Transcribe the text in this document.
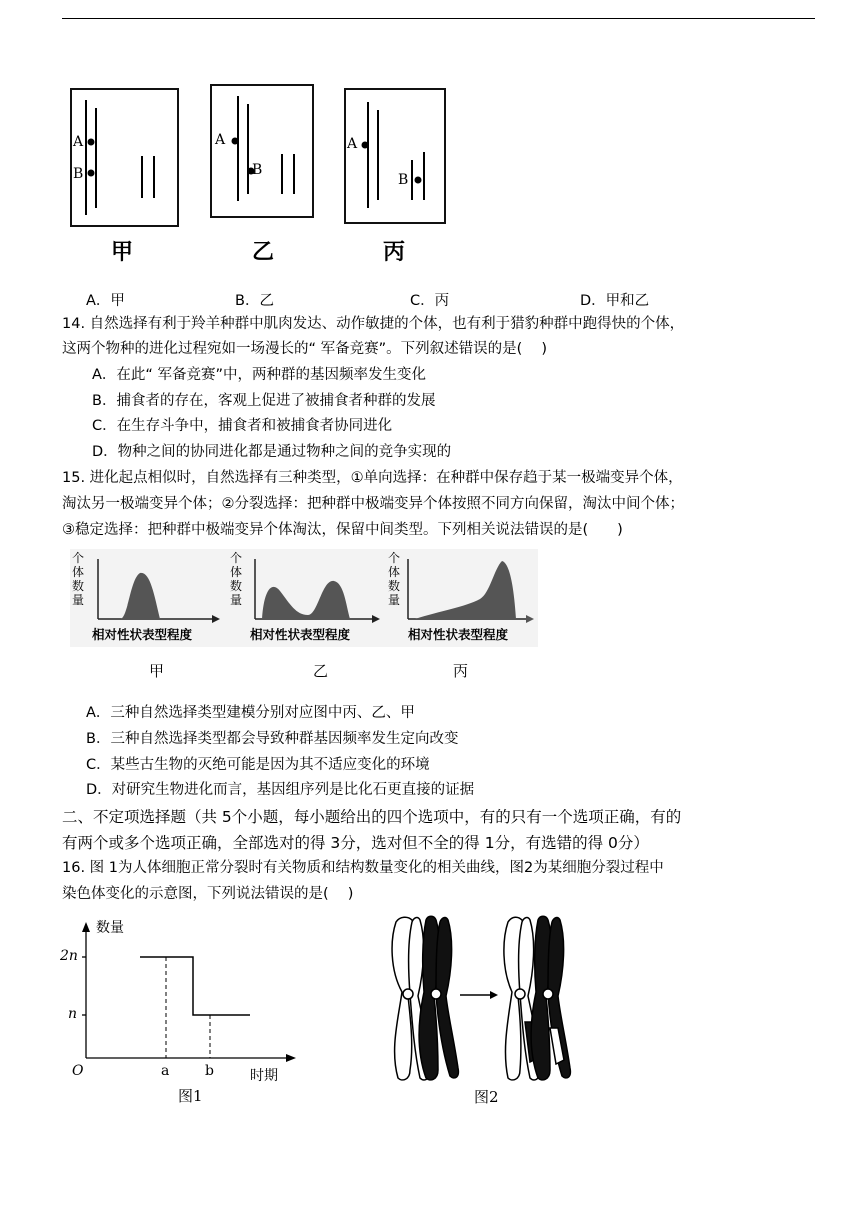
A
B
甲
A
B
乙
A
B
丙
A．甲	B．乙	C．丙	D．甲和乙
14. 自然选择有利于羚羊种群中肌肉发达、动作敏捷的个体，也有利于猎豹种群中跑得快的个体，
这两个物种的进化过程宛如一场漫长的“ 军备竞赛”。下列叙述错误的是(　 )
A．在此“ 军备竞赛”中，两种群的基因频率发生变化
B．捕食者的存在，客观上促进了被捕食者种群的发展
C．在生存斗争中，捕食者和被捕食者协同进化
D．物种之间的协同进化都是通过物种之间的竞争实现的
15. 进化起点相似时，自然选择有三种类型，①单向选择：在种群中保存趋于某一极端变异个体，
淘汰另一极端变异个体；②分裂选择：把种群中极端变异个体按照不同方向保留，淘汰中间个体；
③稳定选择：把种群中极端变异个体淘汰，保留中间类型。下列相关说法错误的是(　　)
个
体
数
量
个
体
数
量
个
体
数
量
相对性状表型程度	相对性状表型程度	相对性状表型程度
甲	乙	丙
A．三种自然选择类型建模分别对应图中丙、乙、甲
B．三种自然选择类型都会导致种群基因频率发生定向改变
C．某些古生物的灭绝可能是因为其不适应变化的环境
D．对研究生物进化而言，基因组序列是比化石更直接的证据
二、不定项选择题（共 5个小题，每小题给出的四个选项中，有的只有一个选项正确，有的
有两个或多个选项正确，全部选对的得 3分，选对但不全的得 1分，有选错的得 0分）
16. 图 1为人体细胞正常分裂时有关物质和结构数量变化的相关曲线，图2为某细胞分裂过程中
染色体变化的示意图，下列说法错误的是(　 )
数量
2n
n
O	a	b	时期
图1	图2
